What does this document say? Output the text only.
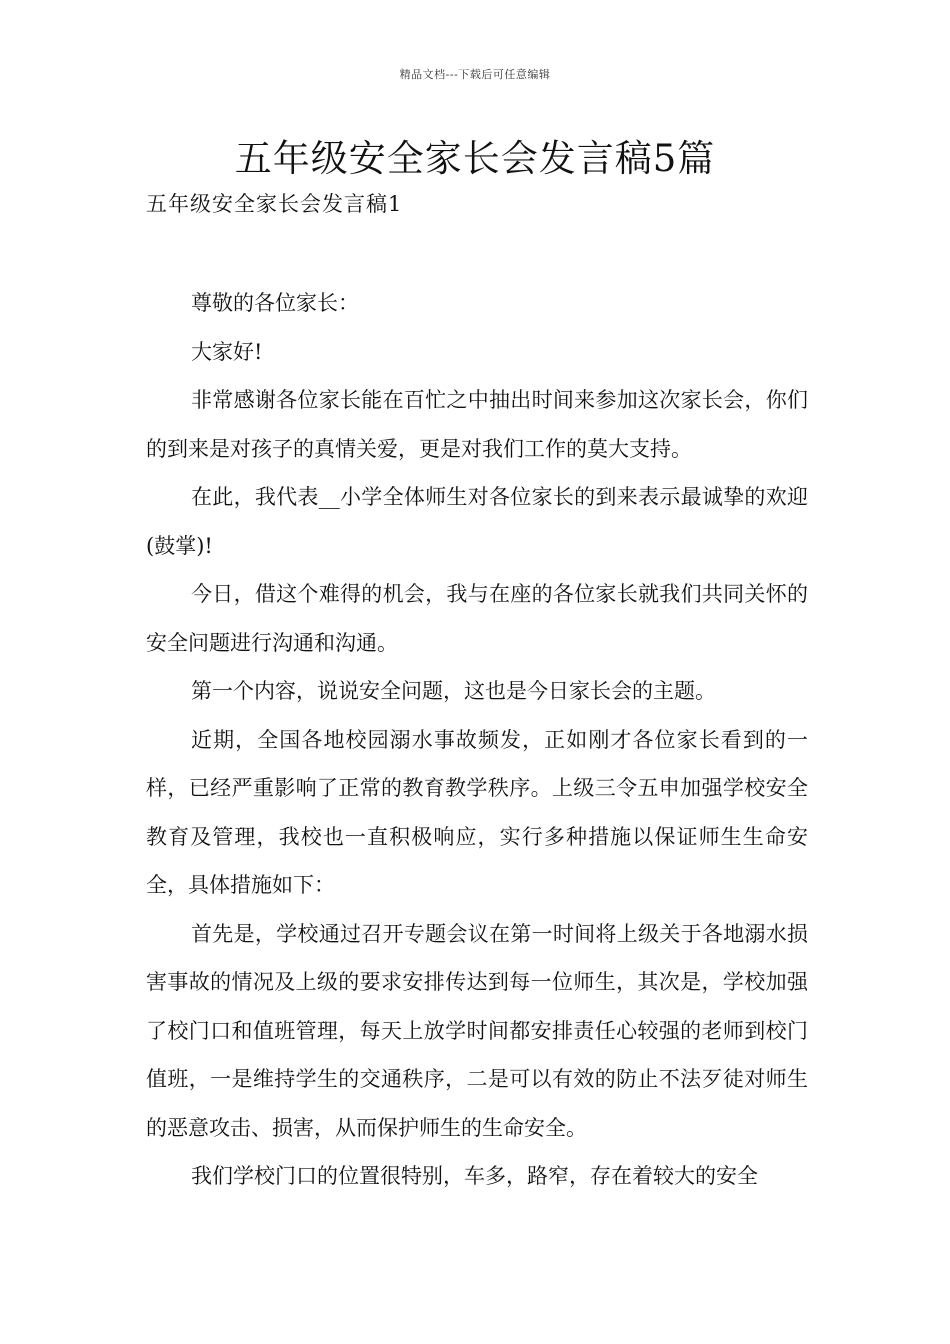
精品文档---下载后可任意编辑
五年级安全家长会发言稿5篇
五年级安全家长会发言稿1

尊敬的各位家长：

大家好!

非常感谢各位家长能在百忙之中抽出时间来参加这次家长会，你们的到来是对孩子的真情关爱，更是对我们工作的莫大支持。

在此，我代表__小学全体师生对各位家长的到来表示最诚挚的欢迎(鼓掌)!

今日，借这个难得的机会，我与在座的各位家长就我们共同关怀的安全问题进行沟通和沟通。

第一个内容，说说安全问题，这也是今日家长会的主题。

近期，全国各地校园溺水事故频发，正如刚才各位家长看到的一样，已经严重影响了正常的教育教学秩序。上级三令五申加强学校安全教育及管理，我校也一直积极响应，实行多种措施以保证师生生命安全，具体措施如下：

首先是，学校通过召开专题会议在第一时间将上级关于各地溺水损害事故的情况及上级的要求安排传达到每一位师生，其次是，学校加强了校门口和值班管理，每天上放学时间都安排责任心较强的老师到校门值班，一是维持学生的交通秩序，二是可以有效的防止不法歹徒对师生的恶意攻击、损害，从而保护师生的生命安全。

我们学校门口的位置很特别，车多，路窄，存在着较大的安全
